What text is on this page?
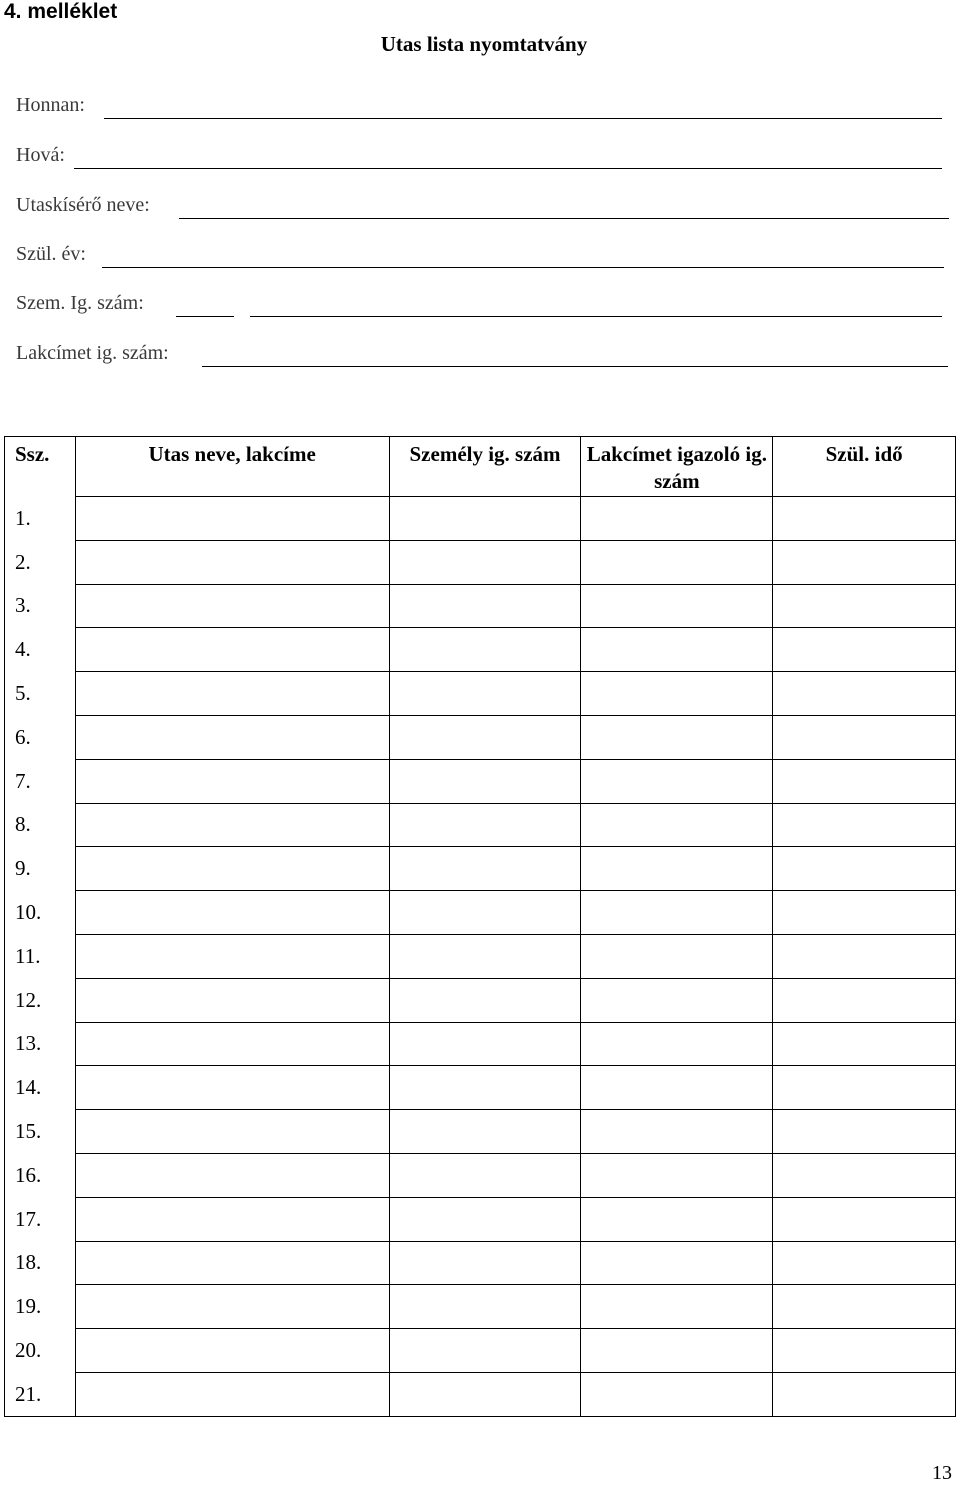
4. melléklet
Utas lista nyomtatvány
Honnan:
Hová:
Utaskísérő neve:
Szül. év:
Szem. Ig. szám:
Lakcímet ig. szám:
Ssz.	Utas neve, lakcíme	Személy ig. szám	Lakcímet igazoló ig. szám	Szül. idő
1.				
2.				
3.				
4.				
5.				
6.				
7.				
8.				
9.				
10.				
11.				
12.				
13.				
14.				
15.				
16.				
17.				
18.				
19.				
20.				
21.				
13
